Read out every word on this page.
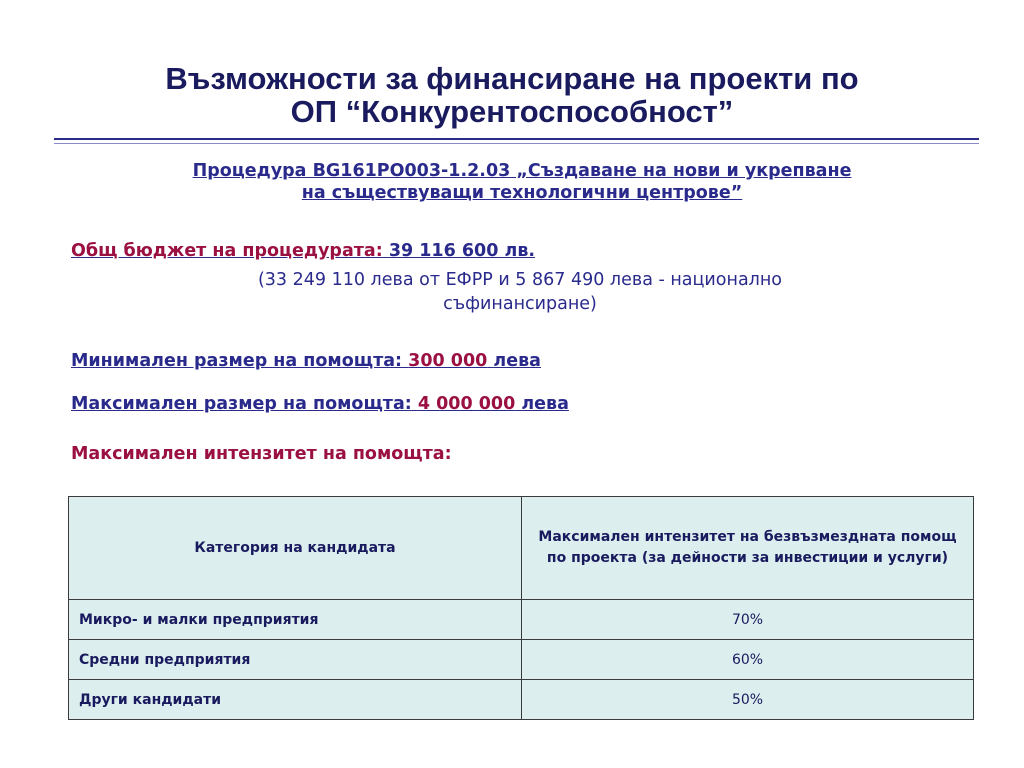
Възможности за финансиране на проекти по
ОП “Конкурентоспособност”
Процедура BG161PO003-1.2.03 „Създаване на нови и укрепване
на съществуващи технологични центрове”
Общ бюджет на процедурата: 39 116 600 лв.
(33 249 110 лева от ЕФРР и 5 867 490 лева - национално
съфинансиране)
Минимален размер на помощта: 300 000 лева
Максимален размер на помощта: 4 000 000 лева
Максимален интензитет на помощта:
Категория на кандидата	Максимален интензитет на безвъзмездната помощ
по проекта (за дейности за инвестиции и услуги)

Микро- и малки предприятия	70%
Средни предприятия	60%
Други кандидати	50%
